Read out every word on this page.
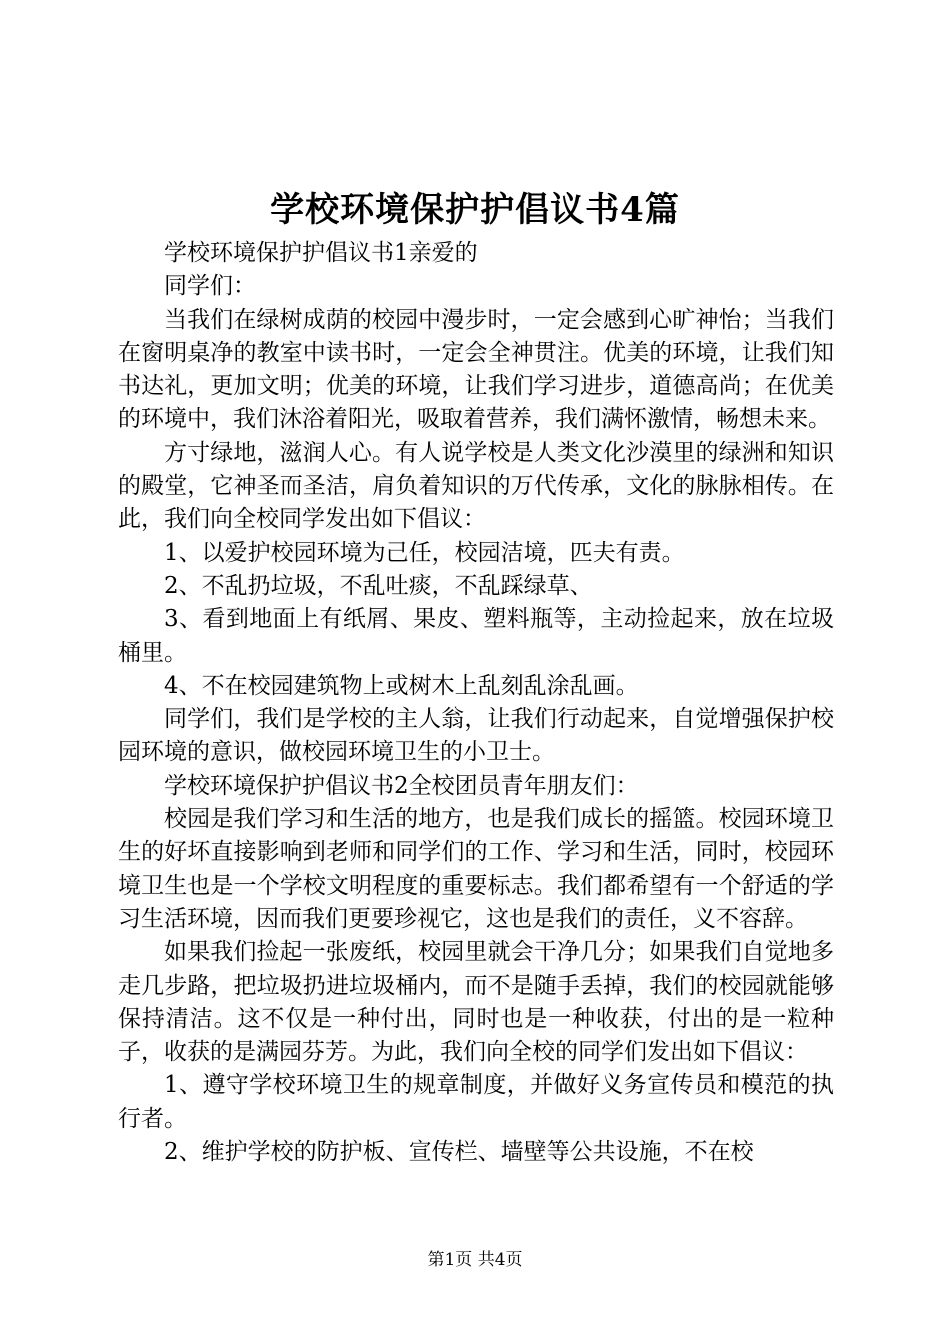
学校环境保护护倡议书4篇

学校环境保护护倡议书1亲爱的

同学们：

当我们在绿树成荫的校园中漫步时，一定会感到心旷神怡；当我们在窗明桌净的教室中读书时，一定会全神贯注。优美的环境，让我们知书达礼，更加文明；优美的环境，让我们学习进步，道德高尚；在优美的环境中，我们沐浴着阳光，吸取着营养，我们满怀激情，畅想未来。

方寸绿地，滋润人心。有人说学校是人类文化沙漠里的绿洲和知识的殿堂，它神圣而圣洁，肩负着知识的万代传承，文化的脉脉相传。在此，我们向全校同学发出如下倡议：

1、以爱护校园环境为己任，校园洁境，匹夫有责。

2、不乱扔垃圾，不乱吐痰，不乱踩绿草、

3、看到地面上有纸屑、果皮、塑料瓶等，主动捡起来，放在垃圾桶里。

4、不在校园建筑物上或树木上乱刻乱涂乱画。

同学们，我们是学校的主人翁，让我们行动起来，自觉增强保护校园环境的意识，做校园环境卫生的小卫士。

学校环境保护护倡议书2全校团员青年朋友们：

校园是我们学习和生活的地方，也是我们成长的摇篮。校园环境卫生的好坏直接影响到老师和同学们的工作、学习和生活，同时，校园环境卫生也是一个学校文明程度的重要标志。我们都希望有一个舒适的学习生活环境，因而我们更要珍视它，这也是我们的责任，义不容辞。

如果我们捡起一张废纸，校园里就会干净几分；如果我们自觉地多走几步路，把垃圾扔进垃圾桶内，而不是随手丢掉，我们的校园就能够保持清洁。这不仅是一种付出，同时也是一种收获，付出的是一粒种子，收获的是满园芬芳。为此，我们向全校的同学们发出如下倡议：

1、遵守学校环境卫生的规章制度，并做好义务宣传员和模范的执行者。

2、维护学校的防护板、宣传栏、墙壁等公共设施，不在校

第1页 共4页
